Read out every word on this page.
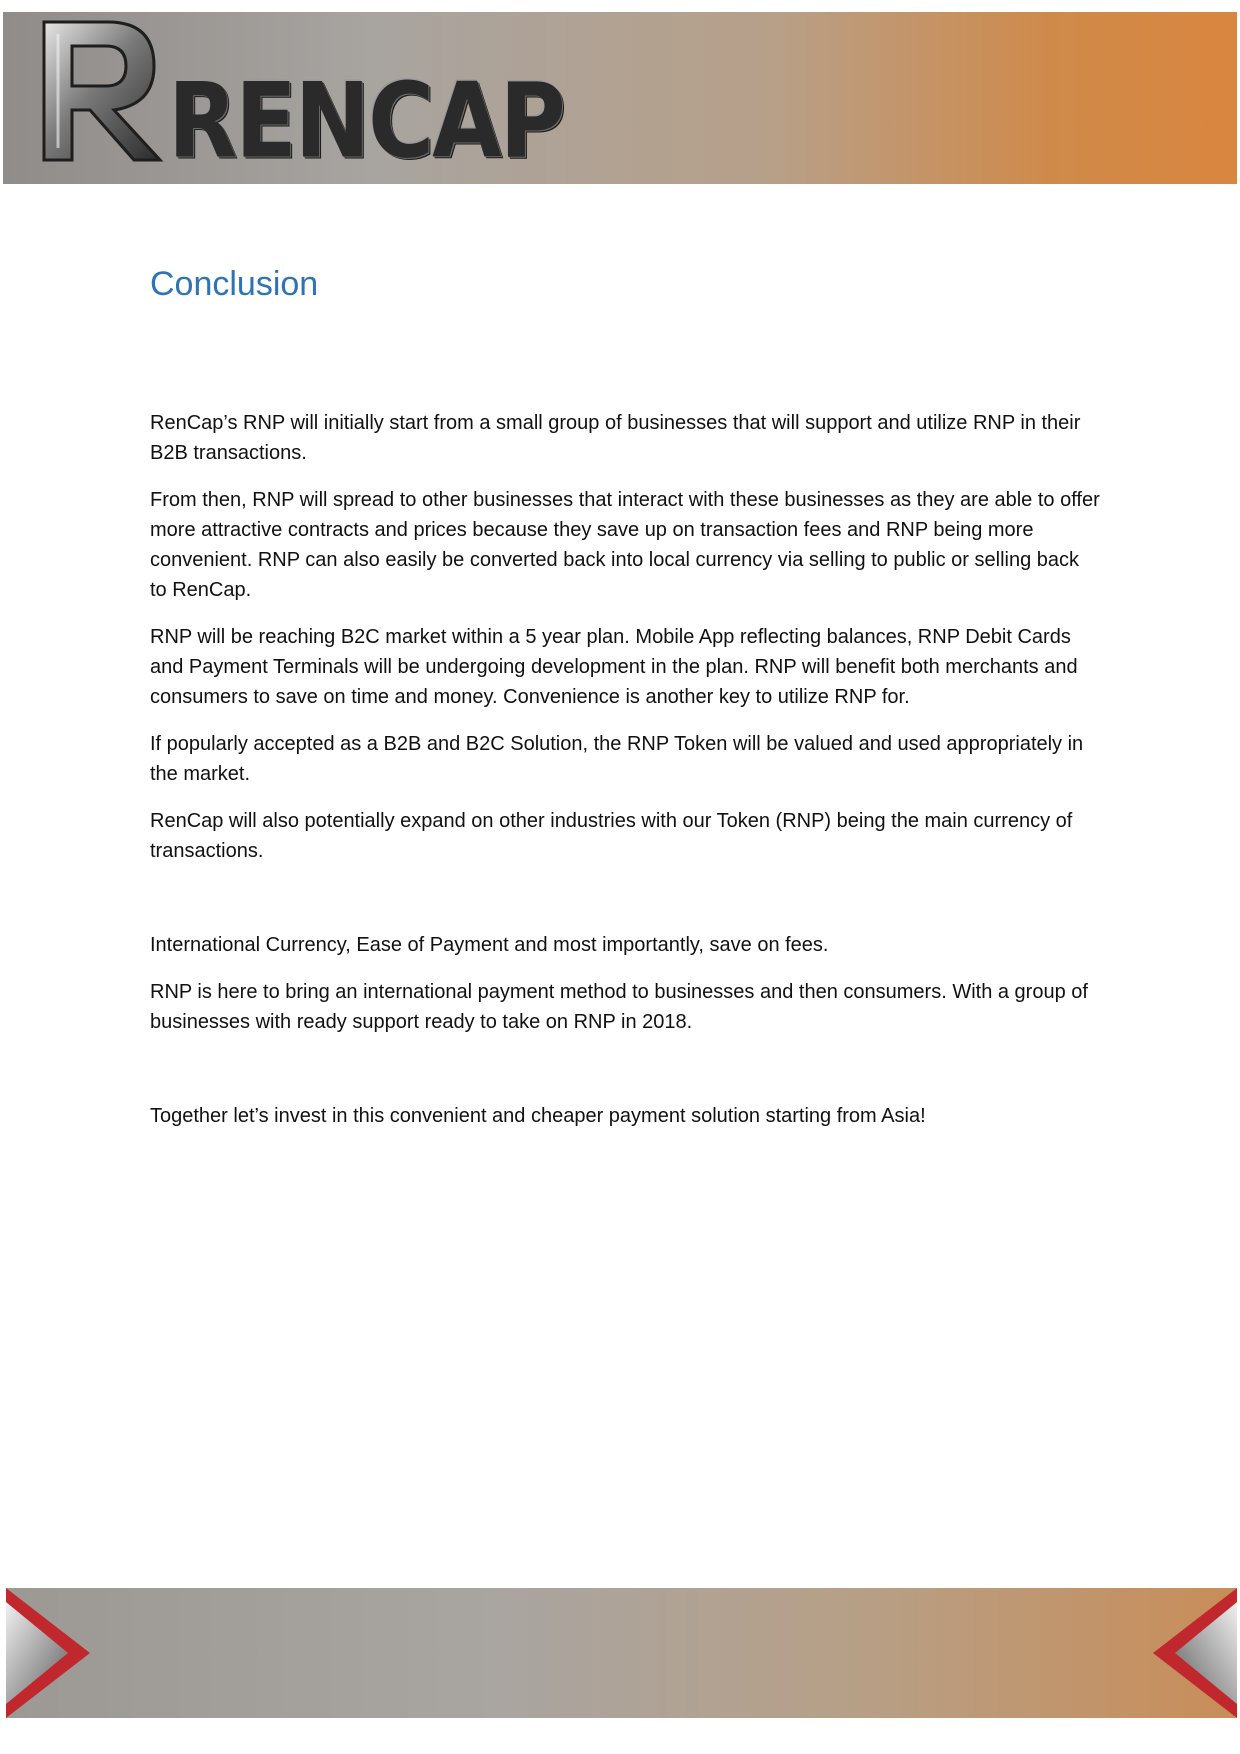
RENCAP
Conclusion

RenCap’s RNP will initially start from a small group of businesses that will support and utilize RNP in their B2B transactions.

From then, RNP will spread to other businesses that interact with these businesses as they are able to offer more attractive contracts and prices because they save up on transaction fees and RNP being more convenient. RNP can also easily be converted back into local currency via selling to public or selling back to RenCap.

RNP will be reaching B2C market within a 5 year plan. Mobile App reflecting balances, RNP Debit Cards and Payment Terminals will be undergoing development in the plan. RNP will benefit both merchants and consumers to save on time and money. Convenience is another key to utilize RNP for.

If popularly accepted as a B2B and B2C Solution, the RNP Token will be valued and used appropriately in the market.

RenCap will also potentially expand on other industries with our Token (RNP) being the main currency of transactions.

International Currency, Ease of Payment and most importantly, save on fees.

RNP is here to bring an international payment method to businesses and then consumers. With a group of businesses with ready support ready to take on RNP in 2018.

Together let’s invest in this convenient and cheaper payment solution starting from Asia!
